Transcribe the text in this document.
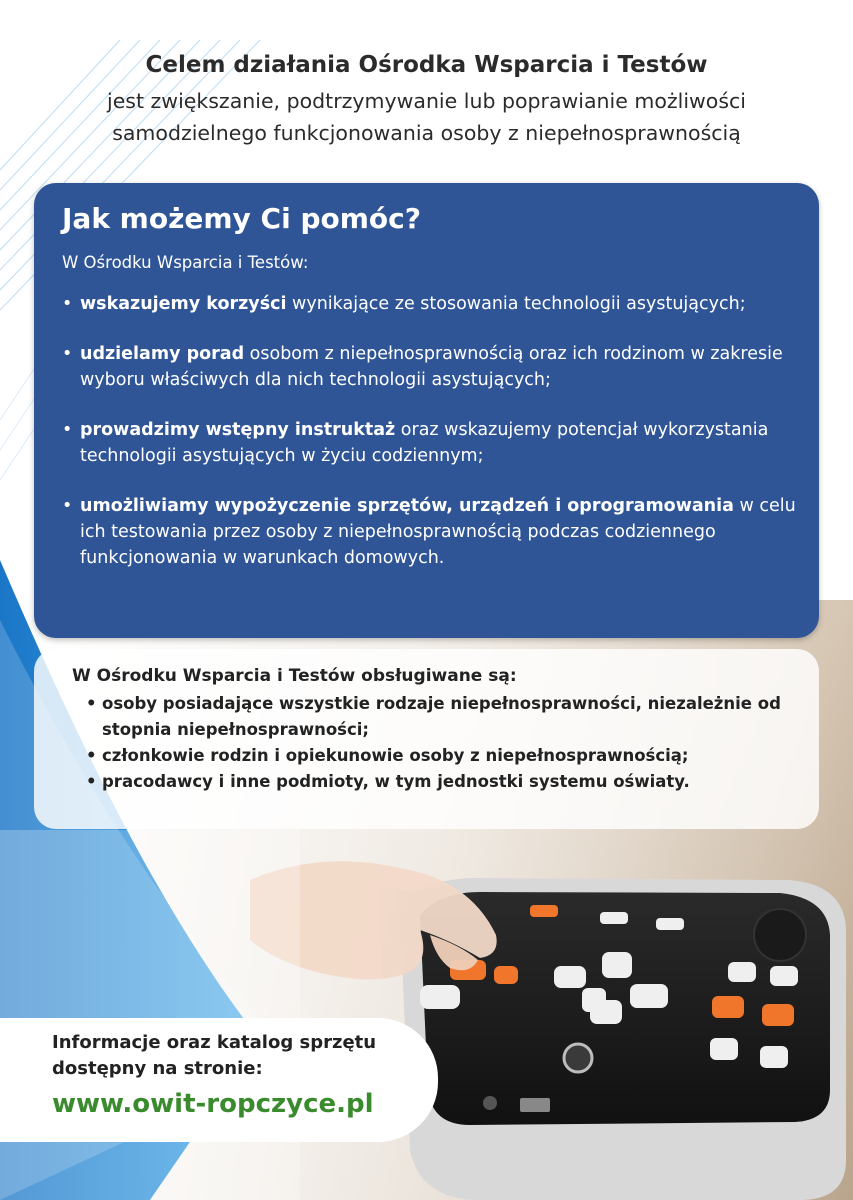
Celem działania Ośrodka Wsparcia i Testów
jest zwiększanie, podtrzymywanie lub poprawianie możliwości samodzielnego funkcjonowania osoby z niepełnosprawnością
Jak możemy Ci pomóc?
W Ośrodku Wsparcia i Testów:
• wskazujemy korzyści wynikające ze stosowania technologii asystujących;
• udzielamy porad osobom z niepełnosprawnością oraz ich rodzinom w zakresie wyboru właściwych dla nich technologii asystujących;
• prowadzimy wstępny instruktaż oraz wskazujemy potencjał wykorzystania technologii asystujących w życiu codziennym;
• umożliwiamy wypożyczenie sprzętów, urządzeń i oprogramowania w celu ich testowania przez osoby z niepełnosprawnością podczas codziennego funkcjonowania w warunkach domowych.
W Ośrodku Wsparcia i Testów obsługiwane są:
• osoby posiadające wszystkie rodzaje niepełnosprawności, niezależnie od stopnia niepełnosprawności;
• członkowie rodzin i opiekunowie osoby z niepełnosprawnością;
• pracodawcy i inne podmioty, w tym jednostki systemu oświaty.
Informacje oraz katalog sprzętu
dostępny na stronie:
www.owit-ropczyce.pl
